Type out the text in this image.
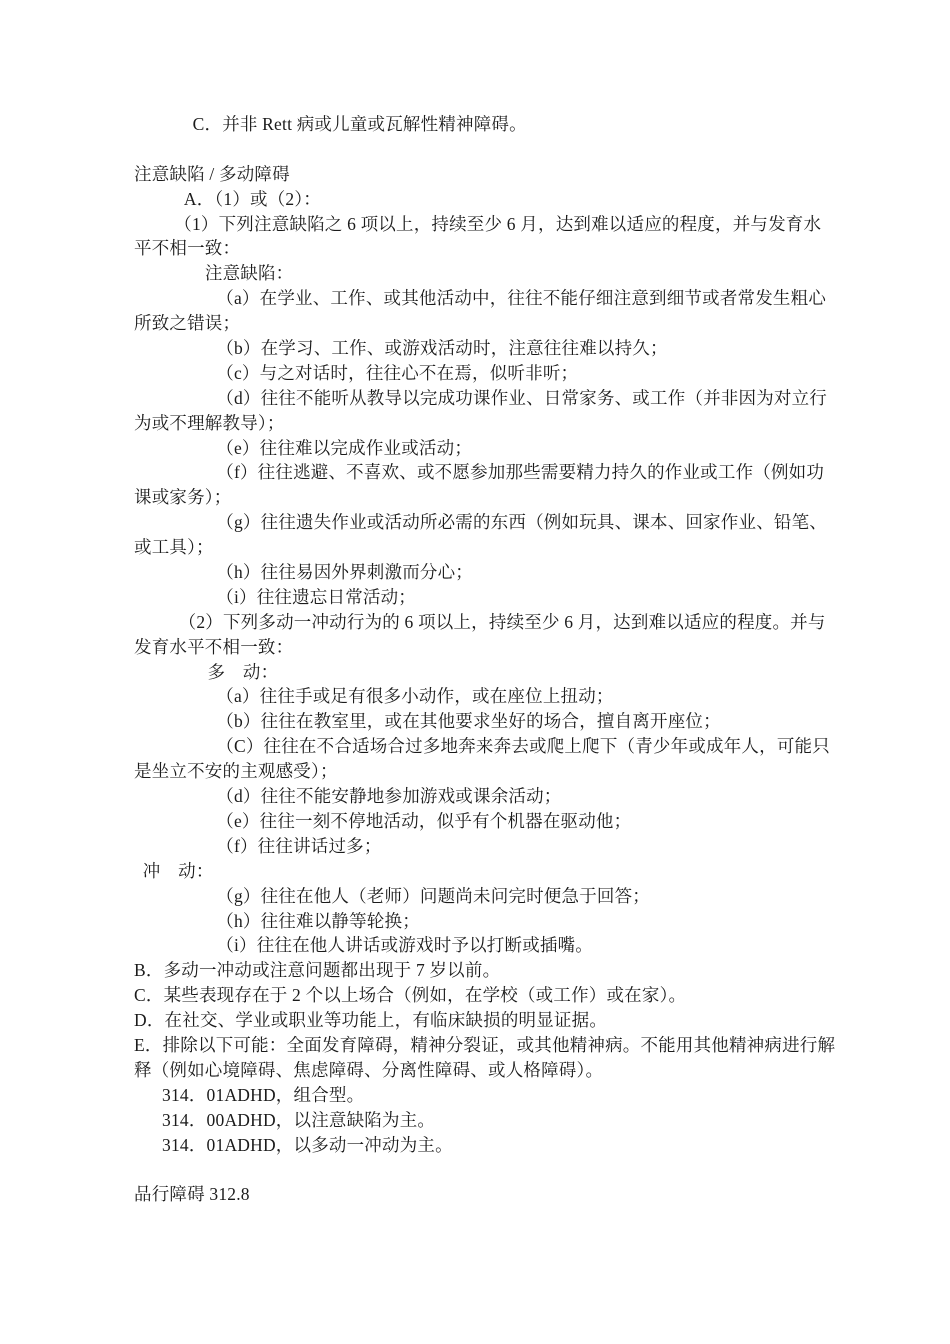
C．并非 Rett 病或儿童或瓦解性精神障碍。
注意缺陷 / 多动障碍
A．（1）或（2）：
（1）下列注意缺陷之 6 项以上，持续至少 6 月，达到难以适应的程度，并与发育水
平不相一致：
注意缺陷：
（a）在学业、工作、或其他活动中，往往不能仔细注意到细节或者常发生粗心
所致之错误；
（b）在学习、工作、或游戏活动时，注意往往难以持久；
（c）与之对话时，往往心不在焉，似听非听；
（d）往往不能听从教导以完成功课作业、日常家务、或工作（并非因为对立行
为或不理解教导）；
（e）往往难以完成作业或活动；
（f）往往逃避、不喜欢、或不愿参加那些需要精力持久的作业或工作（例如功
课或家务）；
（g）往往遗失作业或活动所必需的东西（例如玩具、课本、回家作业、铅笔、
或工具）；
（h）往往易因外界刺激而分心；
（i）往往遗忘日常活动；
（2）下列多动一冲动行为的 6 项以上，持续至少 6 月，达到难以适应的程度。并与
发育水平不相一致：
多　动：
（a）往往手或足有很多小动作，或在座位上扭动；
（b）往往在教室里，或在其他要求坐好的场合，擅自离开座位；
（C）往往在不合适场合过多地奔来奔去或爬上爬下（青少年或成年人，可能只
是坐立不安的主观感受）；
（d）往往不能安静地参加游戏或课余活动；
（e）往往一刻不停地活动，似乎有个机器在驱动他；
（f）往往讲话过多；
冲　动：
（g）往往在他人（老师）问题尚未问完时便急于回答；
（h）往往难以静等轮换；
（i）往往在他人讲话或游戏时予以打断或插嘴。
B．多动一冲动或注意问题都出现于 7 岁以前。
C．某些表现存在于 2 个以上场合（例如，在学校（或工作）或在家）。
D．在社交、学业或职业等功能上，有临床缺损的明显证据。
E．排除以下可能：全面发育障碍，精神分裂证，或其他精神病。不能用其他精神病进行解
释（例如心境障碍、焦虑障碍、分离性障碍、或人格障碍）。
314．01ADHD，组合型。
314．00ADHD，以注意缺陷为主。
314．01ADHD，以多动一冲动为主。
品行障碍 312.8
